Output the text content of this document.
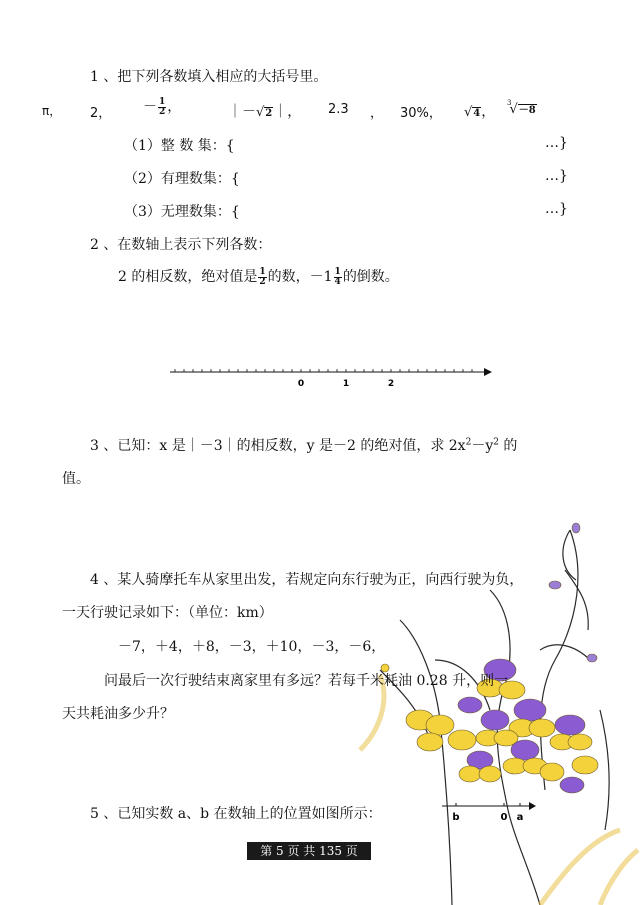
1 、把下列各数填入相应的大括号里。
π， 2， － $\frac{1}{2}$ ，	｜－√2｜， 2.3 ， 30%， √4，
$^3$√－8
（1）整 数 集：{	…}
（2）有理数集：{	…}
（3）无理数集：{	…}
2 、在数轴上表示下列各数：
2 的相反数，绝对值是 $\frac{1}{2}$ 的数，$-1 \frac{1}{4}$ 的倒数。
0	1	2
3 、已知：x 是｜－3｜的相反数，y 是－2 的绝对值，求 $2x^2-y^2$ 的
值。
4 、某人骑摩托车从家里出发，若规定向东行驶为正，向西行驶为负，
一天行驶记录如下：（单位：km）
－7，＋4，＋8，－3，＋10，－3，－6，
问最后一次行驶结束离家里有多远？若每千米耗油 0.28 升，则一
天共耗油多少升？
5 、已知实数 a、b 在数轴上的位置如图所示：	b	0 a
第 5 页 共 135 页
